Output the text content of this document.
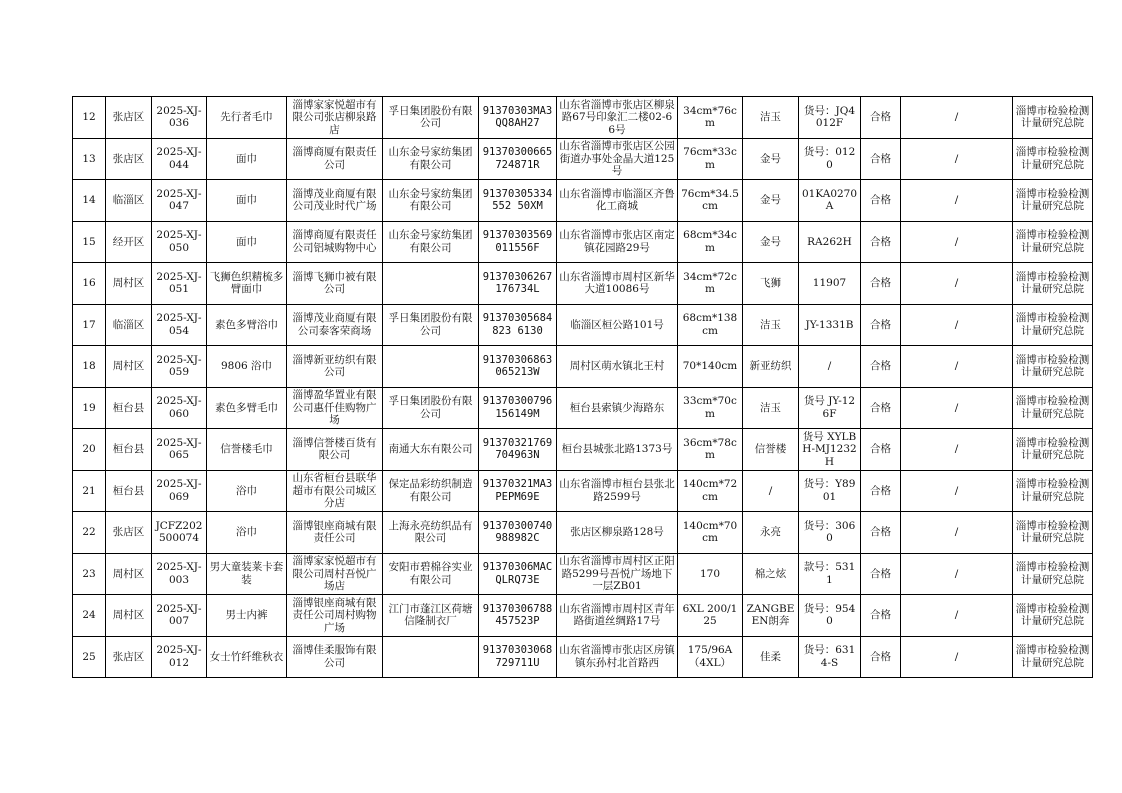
12	张店区	2025-XJ-036	先行者毛巾	淄博家家悦超市有限公司张店柳泉路店	孚日集团股份有限公司	91370303MA3QQ8AH27	山东省淄博市张店区柳泉路67号印象汇二楼02-66号	34cm*76cm	洁玉	货号：JQ4012F	合格	/	淄博市检验检测计量研究总院
13	张店区	2025-XJ-044	面巾	淄博商厦有限责任公司	山东金号家纺集团有限公司	91370300665724871R	山东省淄博市张店区公园街道办事处金晶大道125号	76cm*33cm	金号	货号：0120	合格	/	淄博市检验检测计量研究总院
14	临淄区	2025-XJ-047	面巾	淄博茂业商厦有限公司茂业时代广场	山东金号家纺集团有限公司	91370305334552 50XM	山东省淄博市临淄区齐鲁化工商城	76cm*34.5cm	金号	01KA0270A	合格	/	淄博市检验检测计量研究总院
15	经开区	2025-XJ-050	面巾	淄博商厦有限责任公司铝城购物中心	山东金号家纺集团有限公司	91370303569011556F	山东省淄博市张店区南定镇花园路29号	68cm*34cm	金号	RA262H	合格	/	淄博市检验检测计量研究总院
16	周村区	2025-XJ-051	飞狮色织精梳多臂面巾	淄博飞狮巾被有限公司		91370306267176734L	山东省淄博市周村区新华大道10086号	34cm*72cm	飞狮	11907	合格	/	淄博市检验检测计量研究总院
17	临淄区	2025-XJ-054	素色多臂浴巾	淄博茂业商厦有限公司泰客荣商场	孚日集团股份有限公司	91370305684823 6130	临淄区桓公路101号	68cm*138cm	洁玉	JY-1331B	合格	/	淄博市检验检测计量研究总院
18	周村区	2025-XJ-059	9806 浴巾	淄博新亚纺织有限公司		91370306863065213W	周村区萌水镇北王村	70*140cm	新亚纺织	/	合格	/	淄博市检验检测计量研究总院
19	桓台县	2025-XJ-060	素色多臂毛巾	淄博盈华置业有限公司惠仟佳购物广场	孚日集团股份有限公司	91370300796156149M	桓台县索镇少海路东	33cm*70cm	洁玉	货号 JY-126F	合格	/	淄博市检验检测计量研究总院
20	桓台县	2025-XJ-065	信誉楼毛巾	淄博信誉楼百货有限公司	南通大东有限公司	91370321769704963N	桓台县城张北路1373号	36cm*78cm	信誉楼	货号 XYLBH-MJ1232H	合格	/	淄博市检验检测计量研究总院
21	桓台县	2025-XJ-069	浴巾	山东省桓台县联华超市有限公司城区分店	保定品彩纺织制造有限公司	91370321MA3PEPM69E	山东省淄博市桓台县张北路2599号	140cm*72cm	/	货号：Y8901	合格	/	淄博市检验检测计量研究总院
22	张店区	JCFZ202500074	浴巾	淄博银座商城有限责任公司	上海永亮纺织品有限公司	91370300740988982C	张店区柳泉路128号	140cm*70cm	永亮	货号：3060	合格	/	淄博市检验检测计量研究总院
23	周村区	2025-XJ-003	男大童装莱卡套装	淄博家家悦超市有限公司周村吾悦广场店	安阳市碧棉谷实业有限公司	91370306MACQLRQ73E	山东省淄博市周村区正阳路5299号吾悦广场地下一层ZB01	170	棉之炫	款号：5311	合格	/	淄博市检验检测计量研究总院
24	周村区	2025-XJ-007	男士内裤	淄博银座商城有限责任公司周村购物广场	江门市蓬江区荷塘信隆制衣厂	91370306788457523P	山东省淄博市周村区青年路街道丝绸路17号	6XL 200/125	ZANGBEEN朗奔	货号：9540	合格	/	淄博市检验检测计量研究总院
25	张店区	2025-XJ-012	女士竹纤维秋衣	淄博佳柔服饰有限公司		91370303068729711U	山东省淄博市张店区房镇镇东孙村北首路西	175/96A（4XL）	佳柔	货号：6314-S	合格	/	淄博市检验检测计量研究总院
